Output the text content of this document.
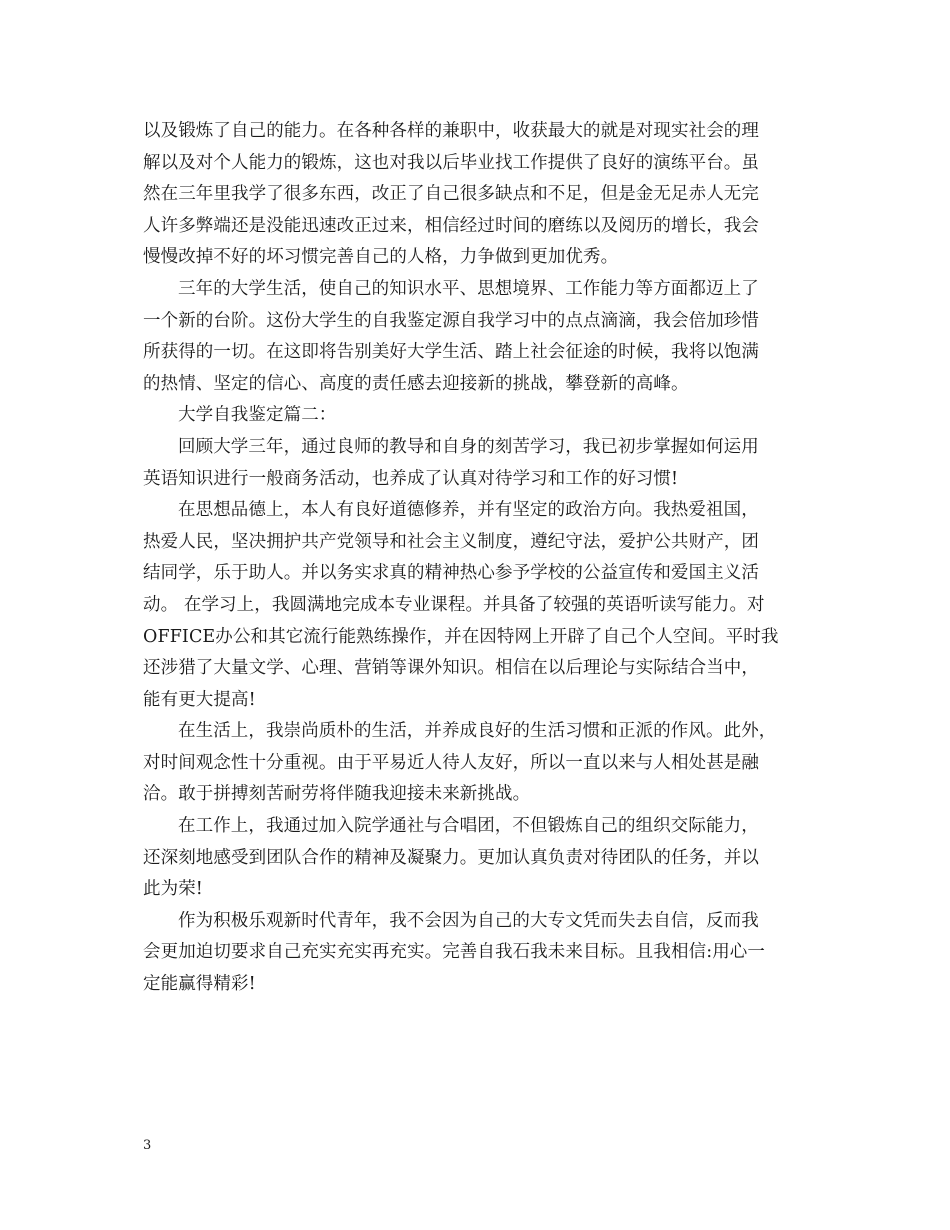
以及锻炼了自己的能力。在各种各样的兼职中，收获最大的就是对现实社会的理
解以及对个人能力的锻炼，这也对我以后毕业找工作提供了良好的演练平台。虽
然在三年里我学了很多东西，改正了自己很多缺点和不足，但是金无足赤人无完
人许多弊端还是没能迅速改正过来，相信经过时间的磨练以及阅历的增长，我会
慢慢改掉不好的坏习惯完善自己的人格，力争做到更加优秀。
三年的大学生活，使自己的知识水平、思想境界、工作能力等方面都迈上了
一个新的台阶。这份大学生的自我鉴定源自我学习中的点点滴滴，我会倍加珍惜
所获得的一切。在这即将告别美好大学生活、踏上社会征途的时候，我将以饱满
的热情、坚定的信心、高度的责任感去迎接新的挑战，攀登新的高峰。
大学自我鉴定篇二：
回顾大学三年，通过良师的教导和自身的刻苦学习，我已初步掌握如何运用
英语知识进行一般商务活动，也养成了认真对待学习和工作的好习惯!
在思想品德上，本人有良好道德修养，并有坚定的政治方向。我热爱祖国，
热爱人民，坚决拥护共产党领导和社会主义制度，遵纪守法，爱护公共财产，团
结同学，乐于助人。并以务实求真的精神热心参予学校的公益宣传和爱国主义活
动。 在学习上，我圆满地完成本专业课程。并具备了较强的英语听读写能力。对
OFFICE办公和其它流行能熟练操作，并在因特网上开辟了自己个人空间。平时我
还涉猎了大量文学、心理、营销等课外知识。相信在以后理论与实际结合当中，
能有更大提高!
在生活上，我崇尚质朴的生活，并养成良好的生活习惯和正派的作风。此外，
对时间观念性十分重视。由于平易近人待人友好，所以一直以来与人相处甚是融
洽。敢于拼搏刻苦耐劳将伴随我迎接未来新挑战。
在工作上，我通过加入院学通社与合唱团，不但锻炼自己的组织交际能力，
还深刻地感受到团队合作的精神及凝聚力。更加认真负责对待团队的任务，并以
此为荣!
作为积极乐观新时代青年，我不会因为自己的大专文凭而失去自信，反而我
会更加迫切要求自己充实充实再充实。完善自我石我未来目标。且我相信:用心一
定能赢得精彩!
3
